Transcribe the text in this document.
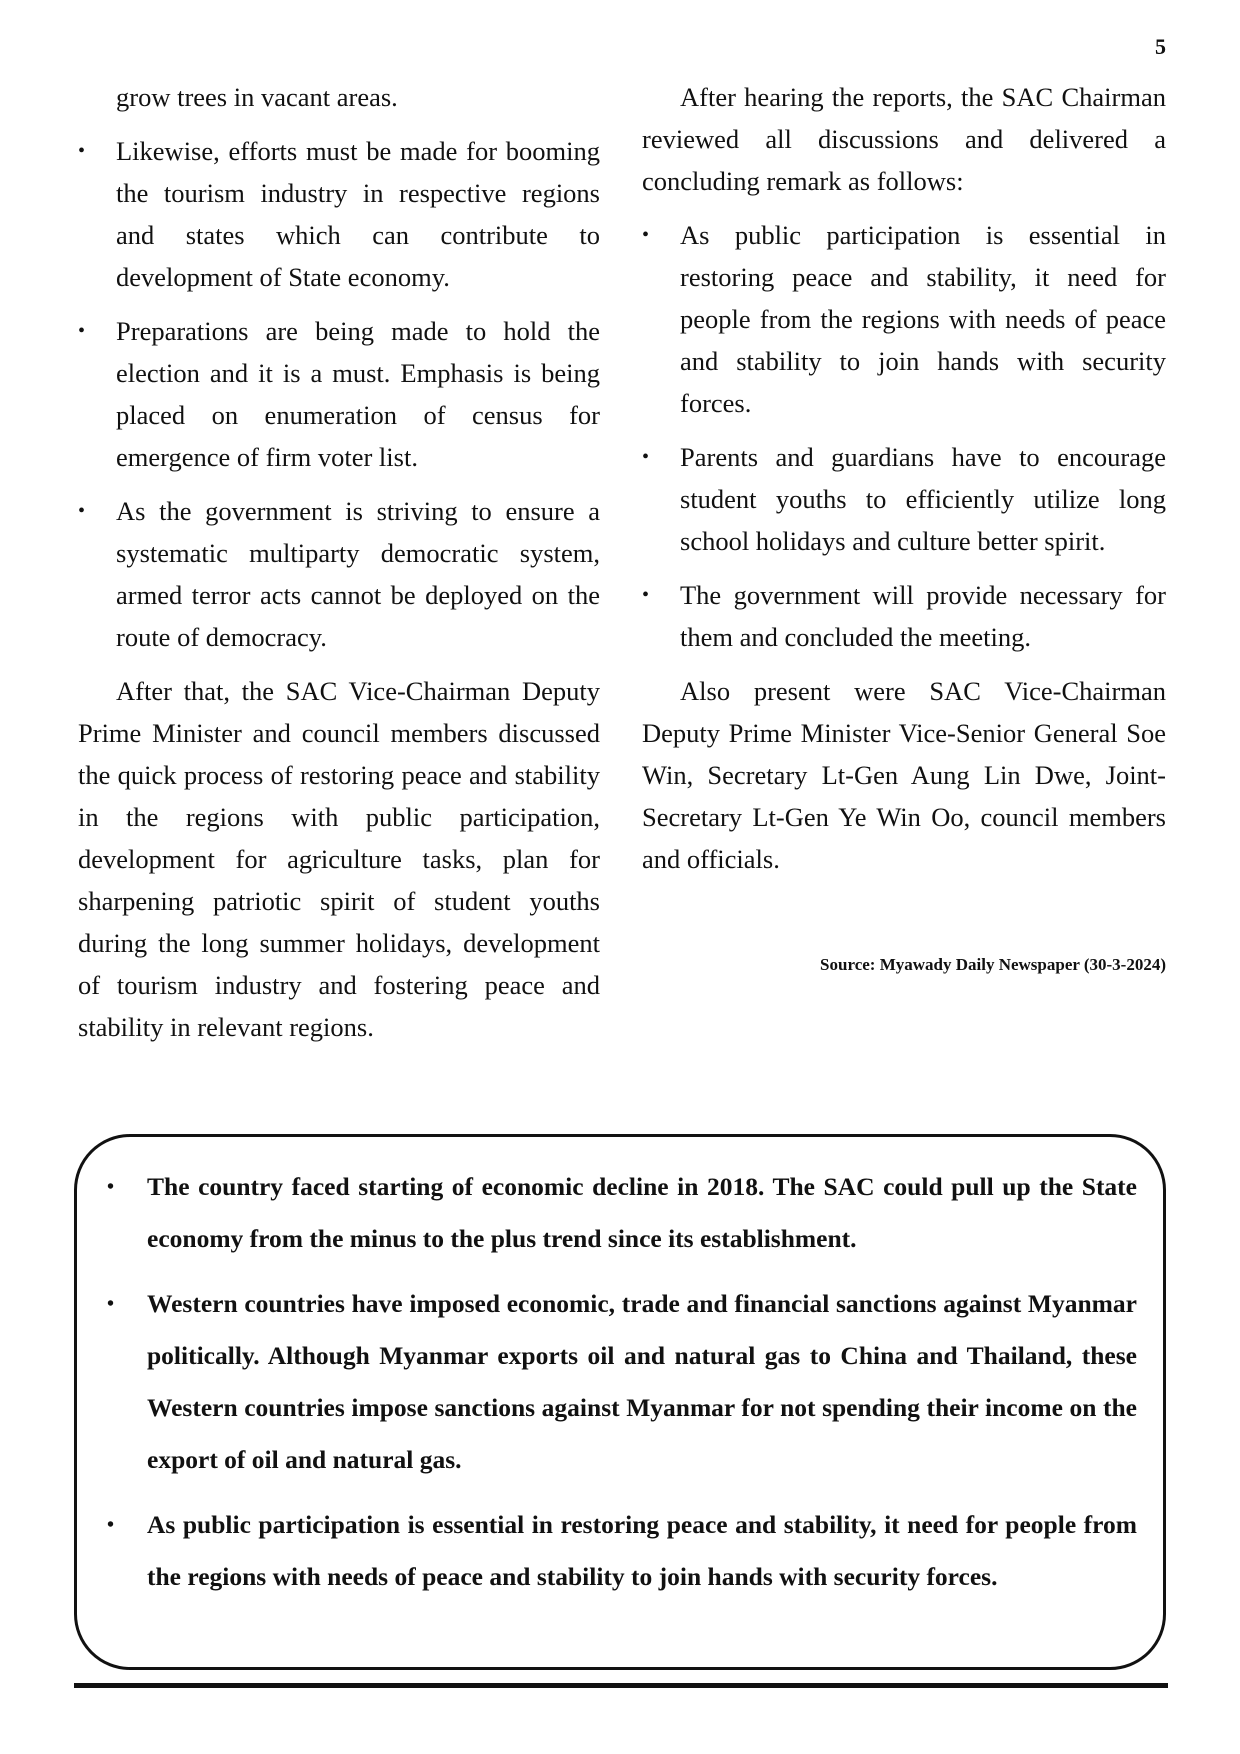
5

grow trees in vacant areas.

• Likewise, efforts must be made for booming the tourism industry in respective regions and states which can contribute to development of State economy.
• Preparations are being made to hold the election and it is a must. Emphasis is being placed on enumeration of census for emergence of firm voter list.
• As the government is striving to ensure a systematic multiparty democratic system, armed terror acts cannot be deployed on the route of democracy.

After that, the SAC Vice-Chairman Deputy Prime Minister and council members discussed the quick process of restoring peace and stability in the regions with public participation, development for agriculture tasks, plan for sharpening patriotic spirit of student youths during the long summer holidays, development of tourism industry and fostering peace and stability in relevant regions.

After hearing the reports, the SAC Chairman reviewed all discussions and delivered a concluding remark as follows:

• As public participation is essential in restoring peace and stability, it need for people from the regions with needs of peace and stability to join hands with security forces.
• Parents and guardians have to encourage student youths to efficiently utilize long school holidays and culture better spirit.
• The government will provide necessary for them and concluded the meeting.

Also present were SAC Vice-Chairman Deputy Prime Minister Vice-Senior General Soe Win, Secretary Lt-Gen Aung Lin Dwe, Joint-Secretary Lt-Gen Ye Win Oo, council members and officials.

Source: Myawady Daily Newspaper (30-3-2024)
• The country faced starting of economic decline in 2018. The SAC could pull up the State economy from the minus to the plus trend since its establishment.
• Western countries have imposed economic, trade and financial sanctions against Myanmar politically. Although Myanmar exports oil and natural gas to China and Thailand, these Western countries impose sanctions against Myanmar for not spending their income on the export of oil and natural gas.
• As public participation is essential in restoring peace and stability, it need for people from the regions with needs of peace and stability to join hands with security forces.
